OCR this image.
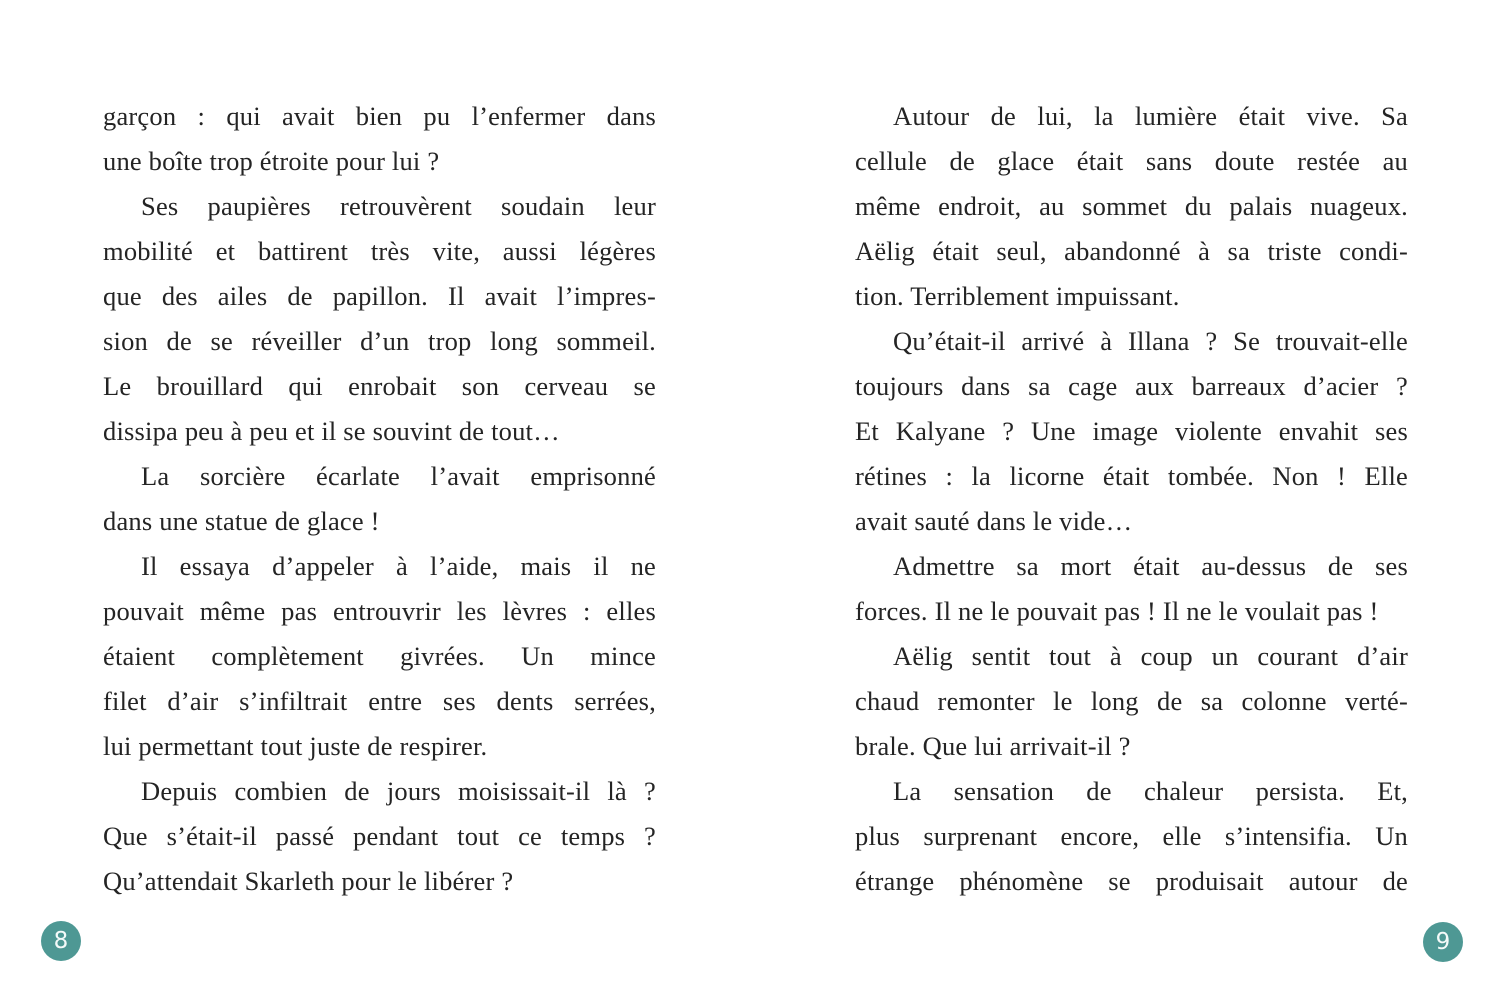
garçon : qui avait bien pu l’enfermer dans
une boîte trop étroite pour lui ?
Ses paupières retrouvèrent soudain leur
mobilité et battirent très vite, aussi légères
que des ailes de papillon. Il avait l’impres-
sion de se réveiller d’un trop long sommeil.
Le brouillard qui enrobait son cerveau se
dissipa peu à peu et il se souvint de tout…
La sorcière écarlate l’avait emprisonné
dans une statue de glace !
Il essaya d’appeler à l’aide, mais il ne
pouvait même pas entrouvrir les lèvres : elles
étaient complètement givrées. Un mince
filet d’air s’infiltrait entre ses dents serrées,
lui permettant tout juste de respirer.
Depuis combien de jours moisissait-il là ?
Que s’était-il passé pendant tout ce temps ?
Qu’attendait Skarleth pour le libérer ?
8
Autour de lui, la lumière était vive. Sa
cellule de glace était sans doute restée au
même endroit, au sommet du palais nuageux.
Aëlig était seul, abandonné à sa triste condi-
tion. Terriblement impuissant.
Qu’était-il arrivé à Illana ? Se trouvait-elle
toujours dans sa cage aux barreaux d’acier ?
Et Kalyane ? Une image violente envahit ses
rétines : la licorne était tombée. Non ! Elle
avait sauté dans le vide…
Admettre sa mort était au-dessus de ses
forces. Il ne le pouvait pas ! Il ne le voulait pas !
Aëlig sentit tout à coup un courant d’air
chaud remonter le long de sa colonne verté-
brale. Que lui arrivait-il ?
La sensation de chaleur persista. Et,
plus surprenant encore, elle s’intensifia. Un
étrange phénomène se produisait autour de
9
